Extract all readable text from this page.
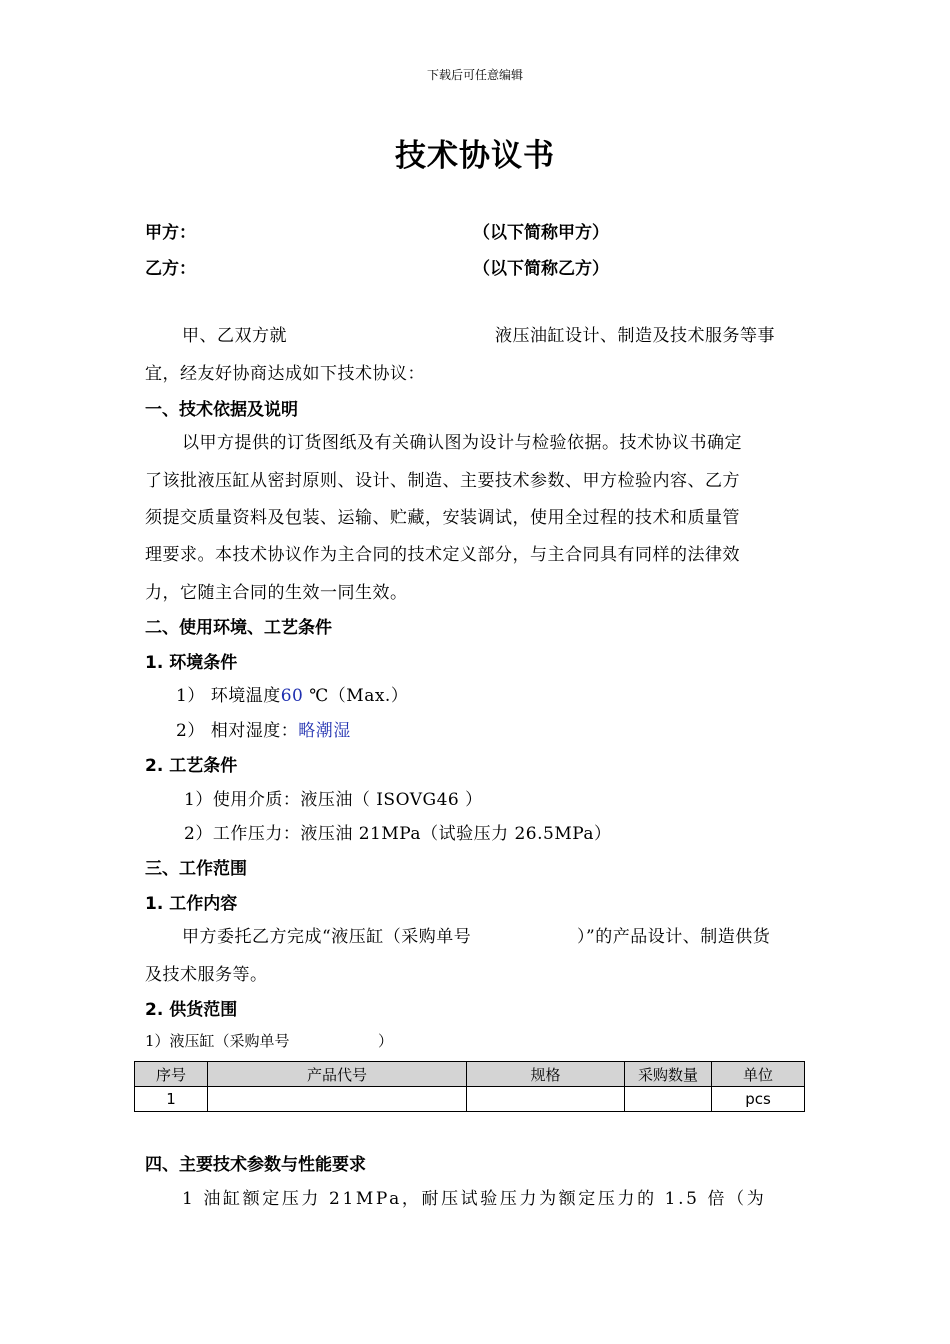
下载后可任意编辑
技术协议书
甲方：	（以下简称甲方）
乙方：	（以下简称乙方）
甲、乙双方就	液压油缸设计、制造及技术服务等事
宜，经友好协商达成如下技术协议：
一、技术依据及说明
以甲方提供的订货图纸及有关确认图为设计与检验依据。技术协议书确定
了该批液压缸从密封原则、设计、制造、主要技术参数、甲方检验内容、乙方
须提交质量资料及包装、运输、贮藏，安装调试，使用全过程的技术和质量管
理要求。本技术协议作为主合同的技术定义部分，与主合同具有同样的法律效
力，它随主合同的生效一同生效。
二、使用环境、工艺条件
1. 环境条件
1） 环境温度60 ℃（Max.）
2） 相对湿度：略潮湿
2. 工艺条件
1）使用介质：液压油（ ISOVG46 ）
2）工作压力：液压油 21MPa（试验压力 26.5MPa）
三、工作范围
1. 工作内容
甲方委托乙方完成“液压缸（采购单号	）”的产品设计、制造供货
及技术服务等。
2. 供货范围
1）液压缸（采购单号	）
序号	产品代号	规格	采购数量	单位
1				pcs
四、主要技术参数与性能要求
1 油缸额定压力 21MPa，耐压试验压力为额定压力的 1.5 倍（为
